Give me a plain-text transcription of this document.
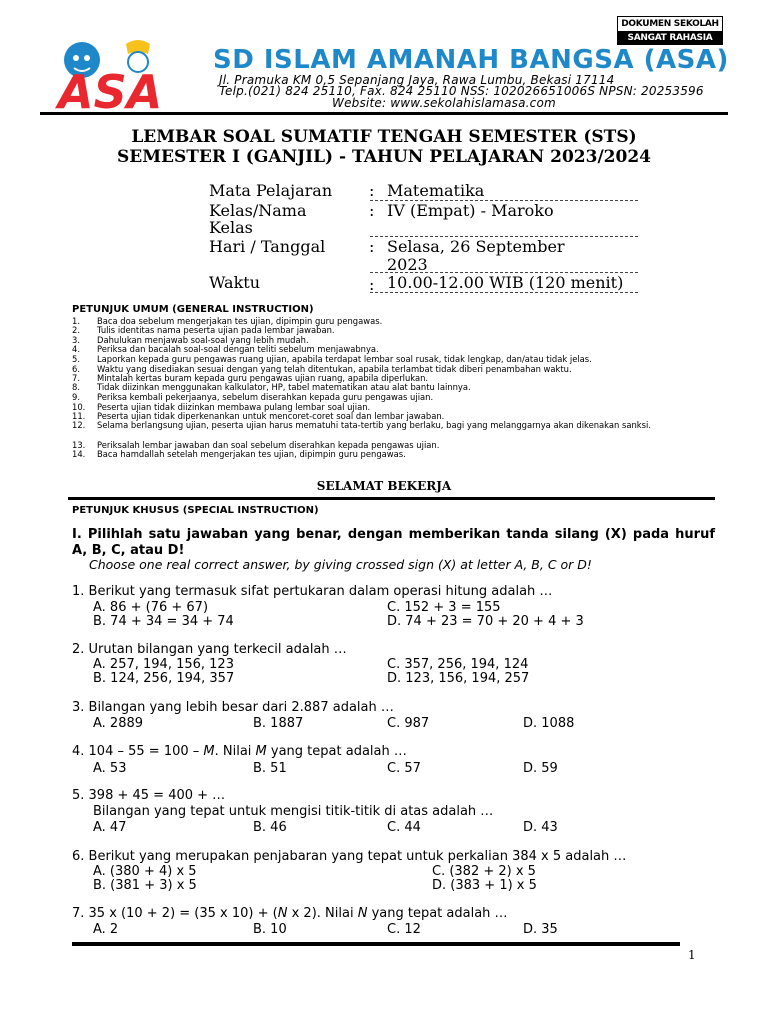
DOKUMEN SEKOLAH
SANGAT RAHASIA
ASA
SD ISLAM AMANAH BANGSA (ASA)
Jl. Pramuka KM 0,5 Sepanjang Jaya, Rawa Lumbu, Bekasi 17114
Telp.(021) 824 25110, Fax. 824 25110 NSS: 102026651006S NPSN: 20253596
Website: www.sekolahislamasa.com
LEMBAR SOAL SUMATIF TENGAH SEMESTER (STS)
SEMESTER I (GANJIL) - TAHUN PELAJARAN 2023/2024
Mata Pelajaran : Matematika
Kelas/Nama
Kelas
: IV (Empat) - Maroko
Hari / Tanggal	: Selasa, 26 September
2023
Waktu	: 10.00-12.00 WIB (120 menit)
PETUNJUK UMUM (GENERAL INSTRUCTION)
1. Baca doa sebelum mengerjakan tes ujian, dipimpin guru pengawas.
2. Tulis identitas nama peserta ujian pada lembar jawaban.
3. Dahulukan menjawab soal-soal yang lebih mudah.
4. Periksa dan bacalah soal-soal dengan teliti sebelum menjawabnya.
5. Laporkan kepada guru pengawas ruang ujian, apabila terdapat lembar soal rusak, tidak lengkap, dan/atau tidak jelas.
6. Waktu yang disediakan sesuai dengan yang telah ditentukan, apabila terlambat tidak diberi penambahan waktu.
7. Mintalah kertas buram kepada guru pengawas ujian ruang, apabila diperlukan.
8. Tidak diizinkan menggunakan kalkulator, HP, tabel matematikan atau alat bantu lainnya.
9. Periksa kembali pekerjaanya, sebelum diserahkan kepada guru pengawas ujian.
10. Peserta ujian tidak diizinkan membawa pulang lembar soal ujian.
11. Peserta ujian tidak diperkenankan untuk mencoret-coret soal dan lembar jawaban.
12. Selama berlangsung ujian, peserta ujian harus mematuhi tata-tertib yang berlaku, bagi yang melanggarnya akan dikenakan sanksi.
13. Periksalah lembar jawaban dan soal sebelum diserahkan kepada pengawas ujian.
14. Baca hamdallah setelah mengerjakan tes ujian, dipimpin guru pengawas.
SELAMAT BEKERJA
PETUNJUK KHUSUS (SPECIAL INSTRUCTION)
I. Pilihlah satu jawaban yang benar, dengan memberikan tanda silang (X) pada huruf A, B, C, atau D!
Choose one real correct answer, by giving crossed sign (X) at letter A, B, C or D!
1. Berikut yang termasuk sifat pertukaran dalam operasi hitung adalah …
A. 86 + (76 + 67)
B. 74 + 34 = 34 + 74
C. 152 + 3 = 155
D. 74 + 23 = 70 + 20 + 4 + 3
2. Urutan bilangan yang terkecil adalah …
A. 257, 194, 156, 123
B. 124, 256, 194, 357
C. 357, 256, 194, 124
D. 123, 156, 194, 257
3. Bilangan yang lebih besar dari 2.887 adalah …
A. 2889	B. 1887	C. 987	D. 1088
4. 104 – 55 = 100 – M. Nilai M yang tepat adalah …
A. 53	B. 51	C. 57	D. 59
5. 398 + 45 = 400 + …
Bilangan yang tepat untuk mengisi titik-titik di atas adalah …
A. 47	B. 46	C. 44	D. 43
6. Berikut yang merupakan penjabaran yang tepat untuk perkalian 384 x 5 adalah …
A. (380 + 4) x 5
B. (381 + 3) x 5
C. (382 + 2) x 5
D. (383 + 1) x 5
7. 35 x (10 + 2) = (35 x 10) + (N x 2). Nilai N yang tepat adalah …
A. 2	B. 10	C. 12	D. 35
1
